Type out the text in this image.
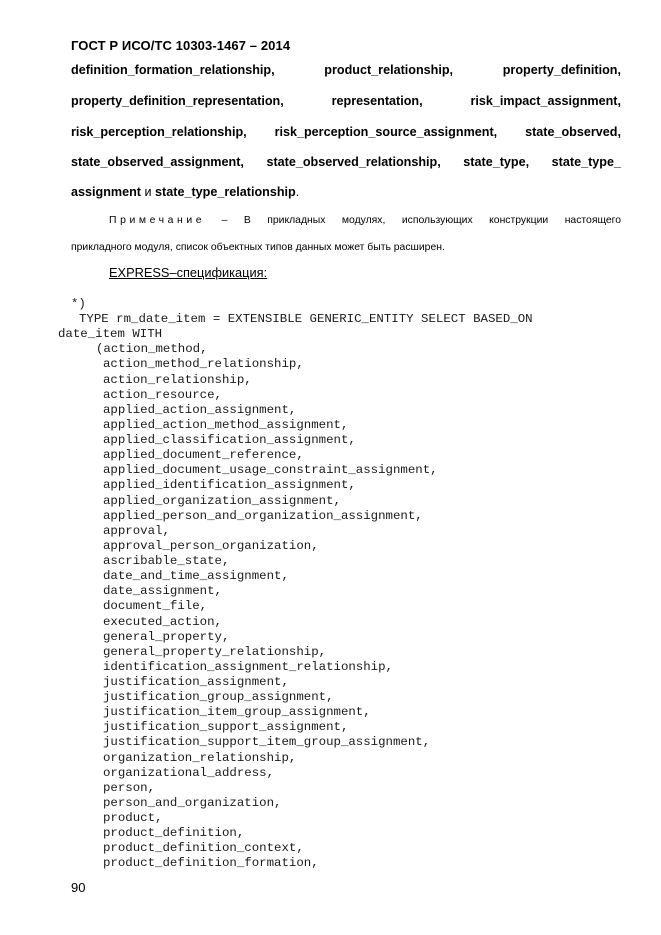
ГОСТ Р ИСО/ТС 10303-1467 – 2014
definition_formation_relationship,	product_relationship,	property_definition,
property_definition_representation,	representation,	risk_impact_assignment,
risk_perception_relationship, risk_perception_source_assignment, state_observed,
state_observed_assignment, state_observed_relationship, state_type, state_type_
assignment и state_type_relationship.
Примечание – В прикладных модулях, использующих конструкции настоящего
прикладного модуля, список объектных типов данных может быть расширен.
EXPRESS–спецификация:
*)
TYPE rm_date_item = EXTENSIBLE GENERIC_ENTITY SELECT BASED_ON
date_item WITH
(action_method,
action_method_relationship,
action_relationship,
action_resource,
applied_action_assignment,
applied_action_method_assignment,
applied_classification_assignment,
applied_document_reference,
applied_document_usage_constraint_assignment,
applied_identification_assignment,
applied_organization_assignment,
applied_person_and_organization_assignment,
approval,
approval_person_organization,
ascribable_state,
date_and_time_assignment,
date_assignment,
document_file,
executed_action,
general_property,
general_property_relationship,
identification_assignment_relationship,
justification_assignment,
justification_group_assignment,
justification_item_group_assignment,
justification_support_assignment,
justification_support_item_group_assignment,
organization_relationship,
organizational_address,
person,
person_and_organization,
product,
product_definition,
product_definition_context,
product_definition_formation,
90
